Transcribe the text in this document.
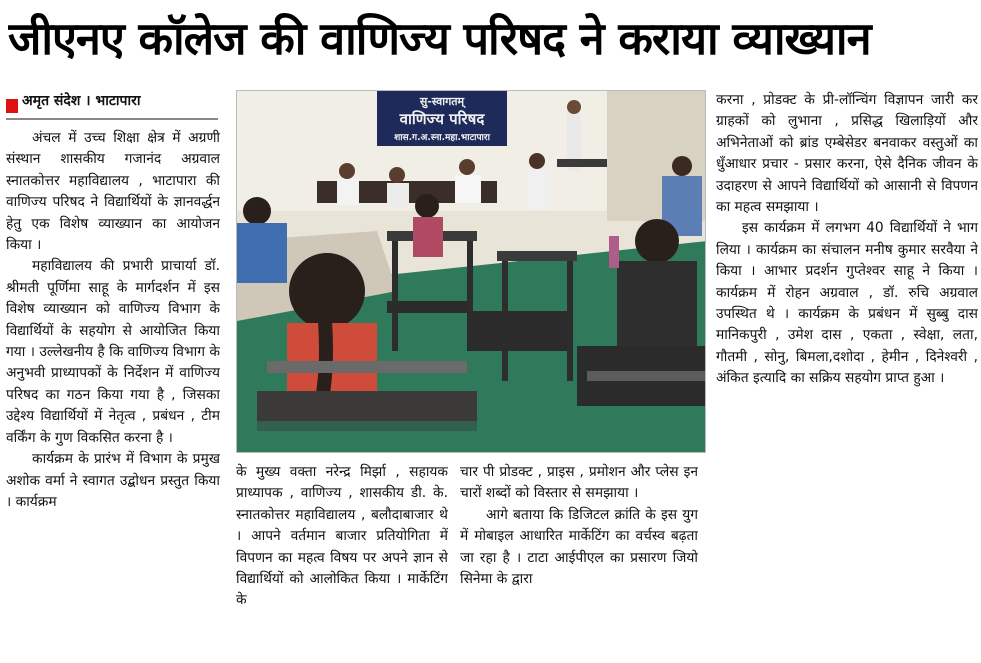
जीएनए कॉलेज की वाणिज्य परिषद ने कराया व्याख्यान
अमृत संदेश । भाटापारा

अंचल में उच्च शिक्षा क्षेत्र में अग्रणी संस्थान शासकीय गजानंद अग्रवाल स्नातकोत्तर महाविद्यालय , भाटापारा की वाणिज्य परिषद ने विद्यार्थियों के ज्ञानवर्द्धन हेतु एक विशेष व्याख्यान का आयोजन किया ।

महाविद्यालय की प्रभारी प्राचार्या डॉ. श्रीमती पूर्णिमा साहू के मार्गदर्शन में इस विशेष व्याख्यान को वाणिज्य विभाग के विद्यार्थियों के सहयोग से आयोजित किया गया । उल्लेखनीय है कि वाणिज्य विभाग के अनुभवी प्राध्यापकों के निर्देशन में वाणिज्य परिषद का गठन किया गया है , जिसका उद्देश्य विद्यार्थियों में नेतृत्व , प्रबंधन , टीम वर्किंग के गुण विकसित करना है ।

कार्यक्रम के प्रारंभ में विभाग के प्रमुख अशोक वर्मा ने स्वागत उद्बोधन प्रस्तुत किया । कार्यक्रम

सु-स्वागतम्
वाणिज्य परिषद
शास.ग.अ.स्ना.महा.भाटापारा

के मुख्य वक्ता नरेन्द्र मिर्झा , सहायक प्राध्यापक , वाणिज्य , शासकीय डी. के. स्नातकोत्तर महाविद्यालय , बलौदाबाजार थे । आपने वर्तमान बाजार प्रतियोगिता में विपणन का महत्व विषय पर अपने ज्ञान से विद्यार्थियों को आलोकित किया । मार्केटिंग के

चार पी प्रोडक्ट , प्राइस , प्रमोशन और प्लेस इन चारों शब्दों को विस्तार से समझाया ।

आगे बताया कि डिजिटल क्रांति के इस युग में मोबाइल आधारित मार्केटिंग का वर्चस्व बढ़ता जा रहा है । टाटा आईपीएल का प्रसारण जियो सिनेमा के द्वारा

करना , प्रोडक्ट के प्री-लॉन्चिंग विज्ञापन जारी कर ग्राहकों को लुभाना , प्रसिद्ध खिलाड़ियों और अभिनेताओं को ब्रांड एम्बेसेडर बनवाकर वस्तुओं का धुँआधार प्रचार - प्रसार करना, ऐसे दैनिक जीवन के उदाहरण से आपने विद्यार्थियों को आसानी से विपणन का महत्व समझाया ।

इस कार्यक्रम में लगभग 40 विद्यार्थियों ने भाग लिया । कार्यक्रम का संचालन मनीष कुमार सरवैया ने किया । आभार प्रदर्शन गुप्तेश्वर साहू ने किया । कार्यक्रम में रोहन अग्रवाल , डॉ. रुचि अग्रवाल उपस्थित थे । कार्यक्रम के प्रबंधन में सुब्बु दास मानिकपुरी , उमेश दास , एकता , स्वेक्षा, लता, गौतमी , सोनु, बिमला,दशोदा , हेमीन , दिनेश्वरी , अंकित इत्यादि का सक्रिय सहयोग प्राप्त हुआ ।
